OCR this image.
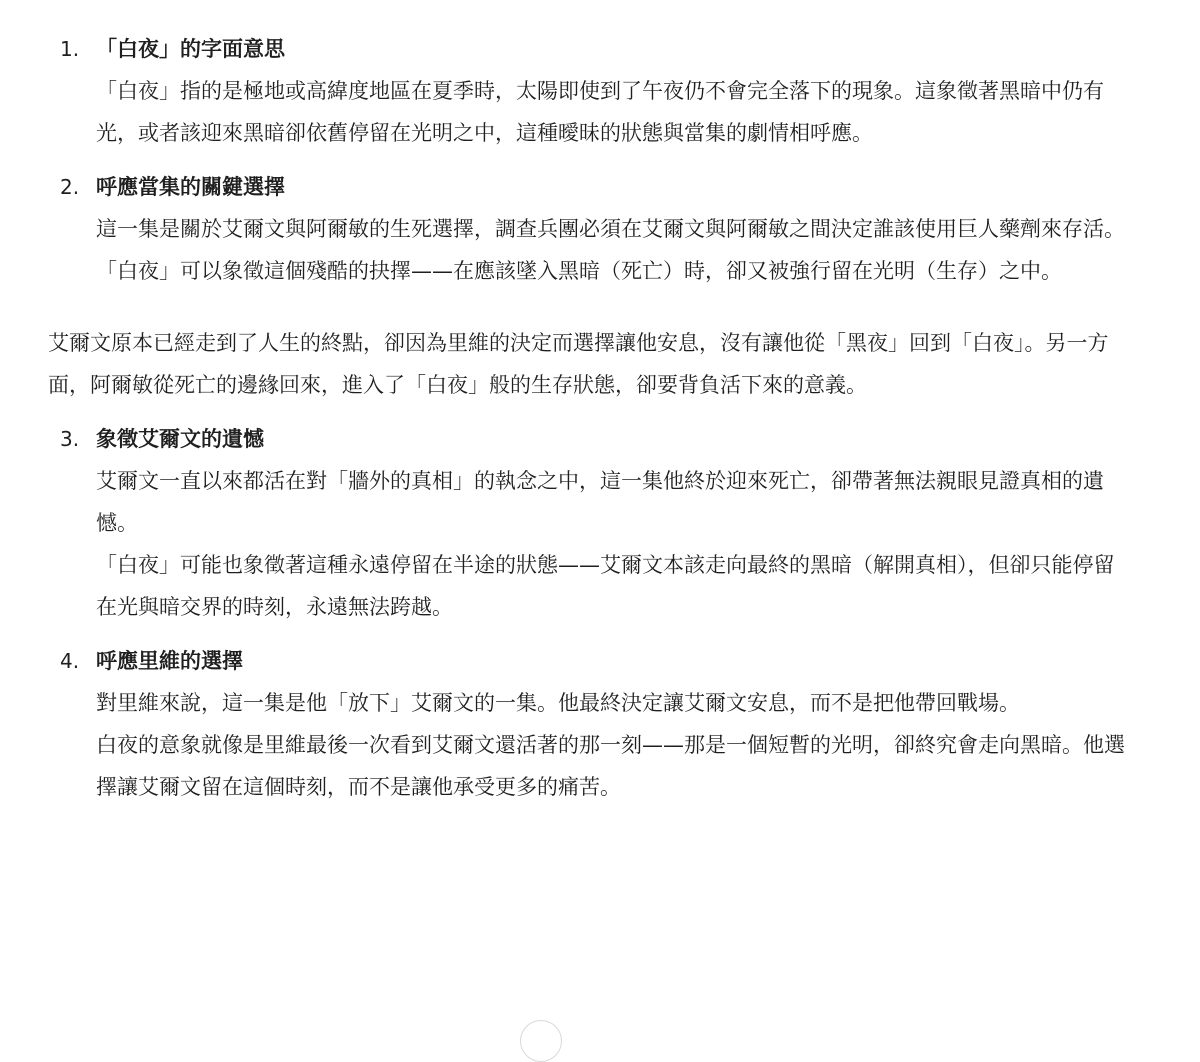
1. 「白夜」的字面意思

「白夜」指的是極地或高緯度地區在夏季時，太陽即使到了午夜仍不會完全落下的現象。這象徵著黑暗中仍有光，或者該迎來黑暗卻依舊停留在光明之中，這種曖昧的狀態與當集的劇情相呼應。

2. 呼應當集的關鍵選擇

這一集是關於艾爾文與阿爾敏的生死選擇，調查兵團必須在艾爾文與阿爾敏之間決定誰該使用巨人藥劑來存活。

「白夜」可以象徵這個殘酷的抉擇——在應該墜入黑暗（死亡）時，卻又被強行留在光明（生存）之中。

艾爾文原本已經走到了人生的終點，卻因為里維的決定而選擇讓他安息，沒有讓他從「黑夜」回到「白夜」。另一方面，阿爾敏從死亡的邊緣回來，進入了「白夜」般的生存狀態，卻要背負活下來的意義。

3. 象徵艾爾文的遺憾

艾爾文一直以來都活在對「牆外的真相」的執念之中，這一集他終於迎來死亡，卻帶著無法親眼見證真相的遺憾。

「白夜」可能也象徵著這種永遠停留在半途的狀態——艾爾文本該走向最終的黑暗（解開真相），但卻只能停留在光與暗交界的時刻，永遠無法跨越。

4. 呼應里維的選擇

對里維來說，這一集是他「放下」艾爾文的一集。他最終決定讓艾爾文安息，而不是把他帶回戰場。

白夜的意象就像是里維最後一次看到艾爾文還活著的那一刻——那是一個短暫的光明，卻終究會走向黑暗。他選擇讓艾爾文留在這個時刻，而不是讓他承受更多的痛苦。
